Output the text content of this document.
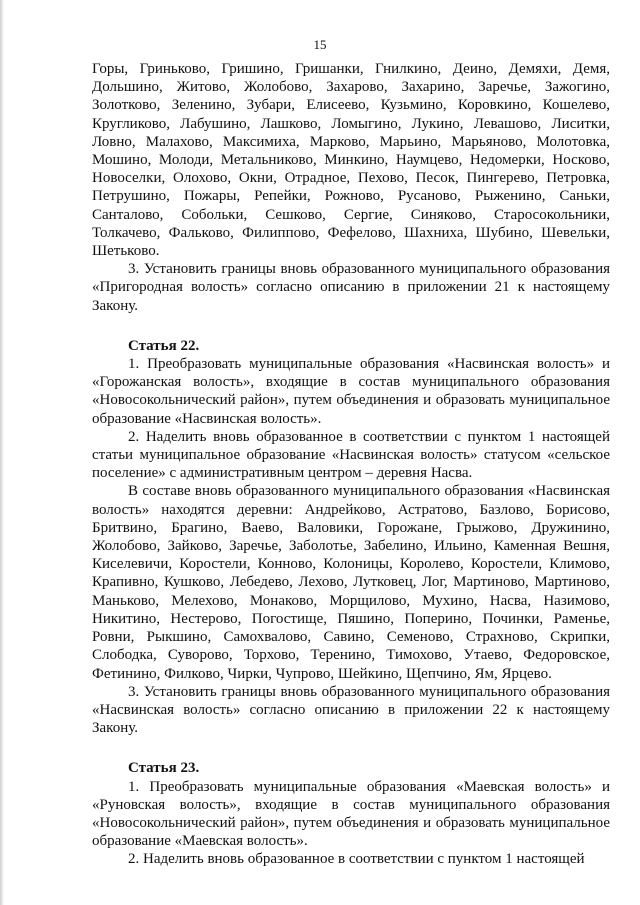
15

Горы, Гриньково, Гришино, Гришанки, Гнилкино, Деино, Демяхи, Демя, Дольшино, Житово, Жолобово, Захарово, Захарино, Заречье, Зажогино, Золотково, Зеленино, Зубари, Елисеево, Кузьмино, Коровкино, Кошелево, Кругликово, Лабушино, Лашково, Ломыгино, Лукино, Левашово, Лиситки, Ловно, Малахово, Максимиха, Марково, Марьино, Марьяново, Молотовка, Мошино, Молоди, Метальниково, Минкино, Наумцево, Недомерки, Носково, Новоселки, Олохово, Окни, Отрадное, Пехово, Песок, Пингерево, Петровка, Петрушино, Пожары, Репейки, Рожново, Русаново, Рыженино, Саньки, Санталово, Собольки, Сешково, Сергие, Синяково, Старосокольники, Толкачево, Фальково, Филиппово, Фефелово, Шахниха, Шубино, Шевельки, Шетьково.

3. Установить границы вновь образованного муниципального образования «Пригородная волость» согласно описанию в приложении 21 к настоящему Закону.

Статья 22.

1. Преобразовать муниципальные образования «Насвинская волость» и «Горожанская волость», входящие в состав муниципального образования «Новосокольнический район», путем объединения и образовать муниципальное образование «Насвинская волость».

2. Наделить вновь образованное в соответствии с пунктом 1 настоящей статьи муниципальное образование «Насвинская волость» статусом «сельское поселение» с административным центром – деревня Насва.

В составе вновь образованного муниципального образования «Насвинская волость» находятся деревни: Андрейково, Астратово, Базлово, Борисово, Бритвино, Брагино, Ваево, Валовики, Горожане, Грыжово, Дружинино, Жолобово, Зайково, Заречье, Заболотье, Забелино, Ильино, Каменная Вешня, Киселевичи, Коростели, Конново, Колоницы, Королево, Коростели, Климово, Крапивно, Кушково, Лебедево, Лехово, Лутковец, Лог, Мартиново, Мартиново, Маньково, Мелехово, Монаково, Морщилово, Мухино, Насва, Назимово, Никитино, Нестерово, Погостище, Пяшино, Поперино, Починки, Раменье, Ровни, Рыкшино, Самохвалово, Савино, Семеново, Страхново, Скрипки, Слободка, Суворово, Торхово, Теренино, Тимохово, Утаево, Федоровское, Фетинино, Филково, Чирки, Чупрово, Шейкино, Щепчино, Ям, Ярцево.

3. Установить границы вновь образованного муниципального образования «Насвинская волость» согласно описанию в приложении 22 к настоящему Закону.

Статья 23.

1. Преобразовать муниципальные образования «Маевская волость» и «Руновская волость», входящие в состав муниципального образования «Новосокольнический район», путем объединения и образовать муниципальное образование «Маевская волость».

2. Наделить вновь образованное в соответствии с пунктом 1 настоящей
